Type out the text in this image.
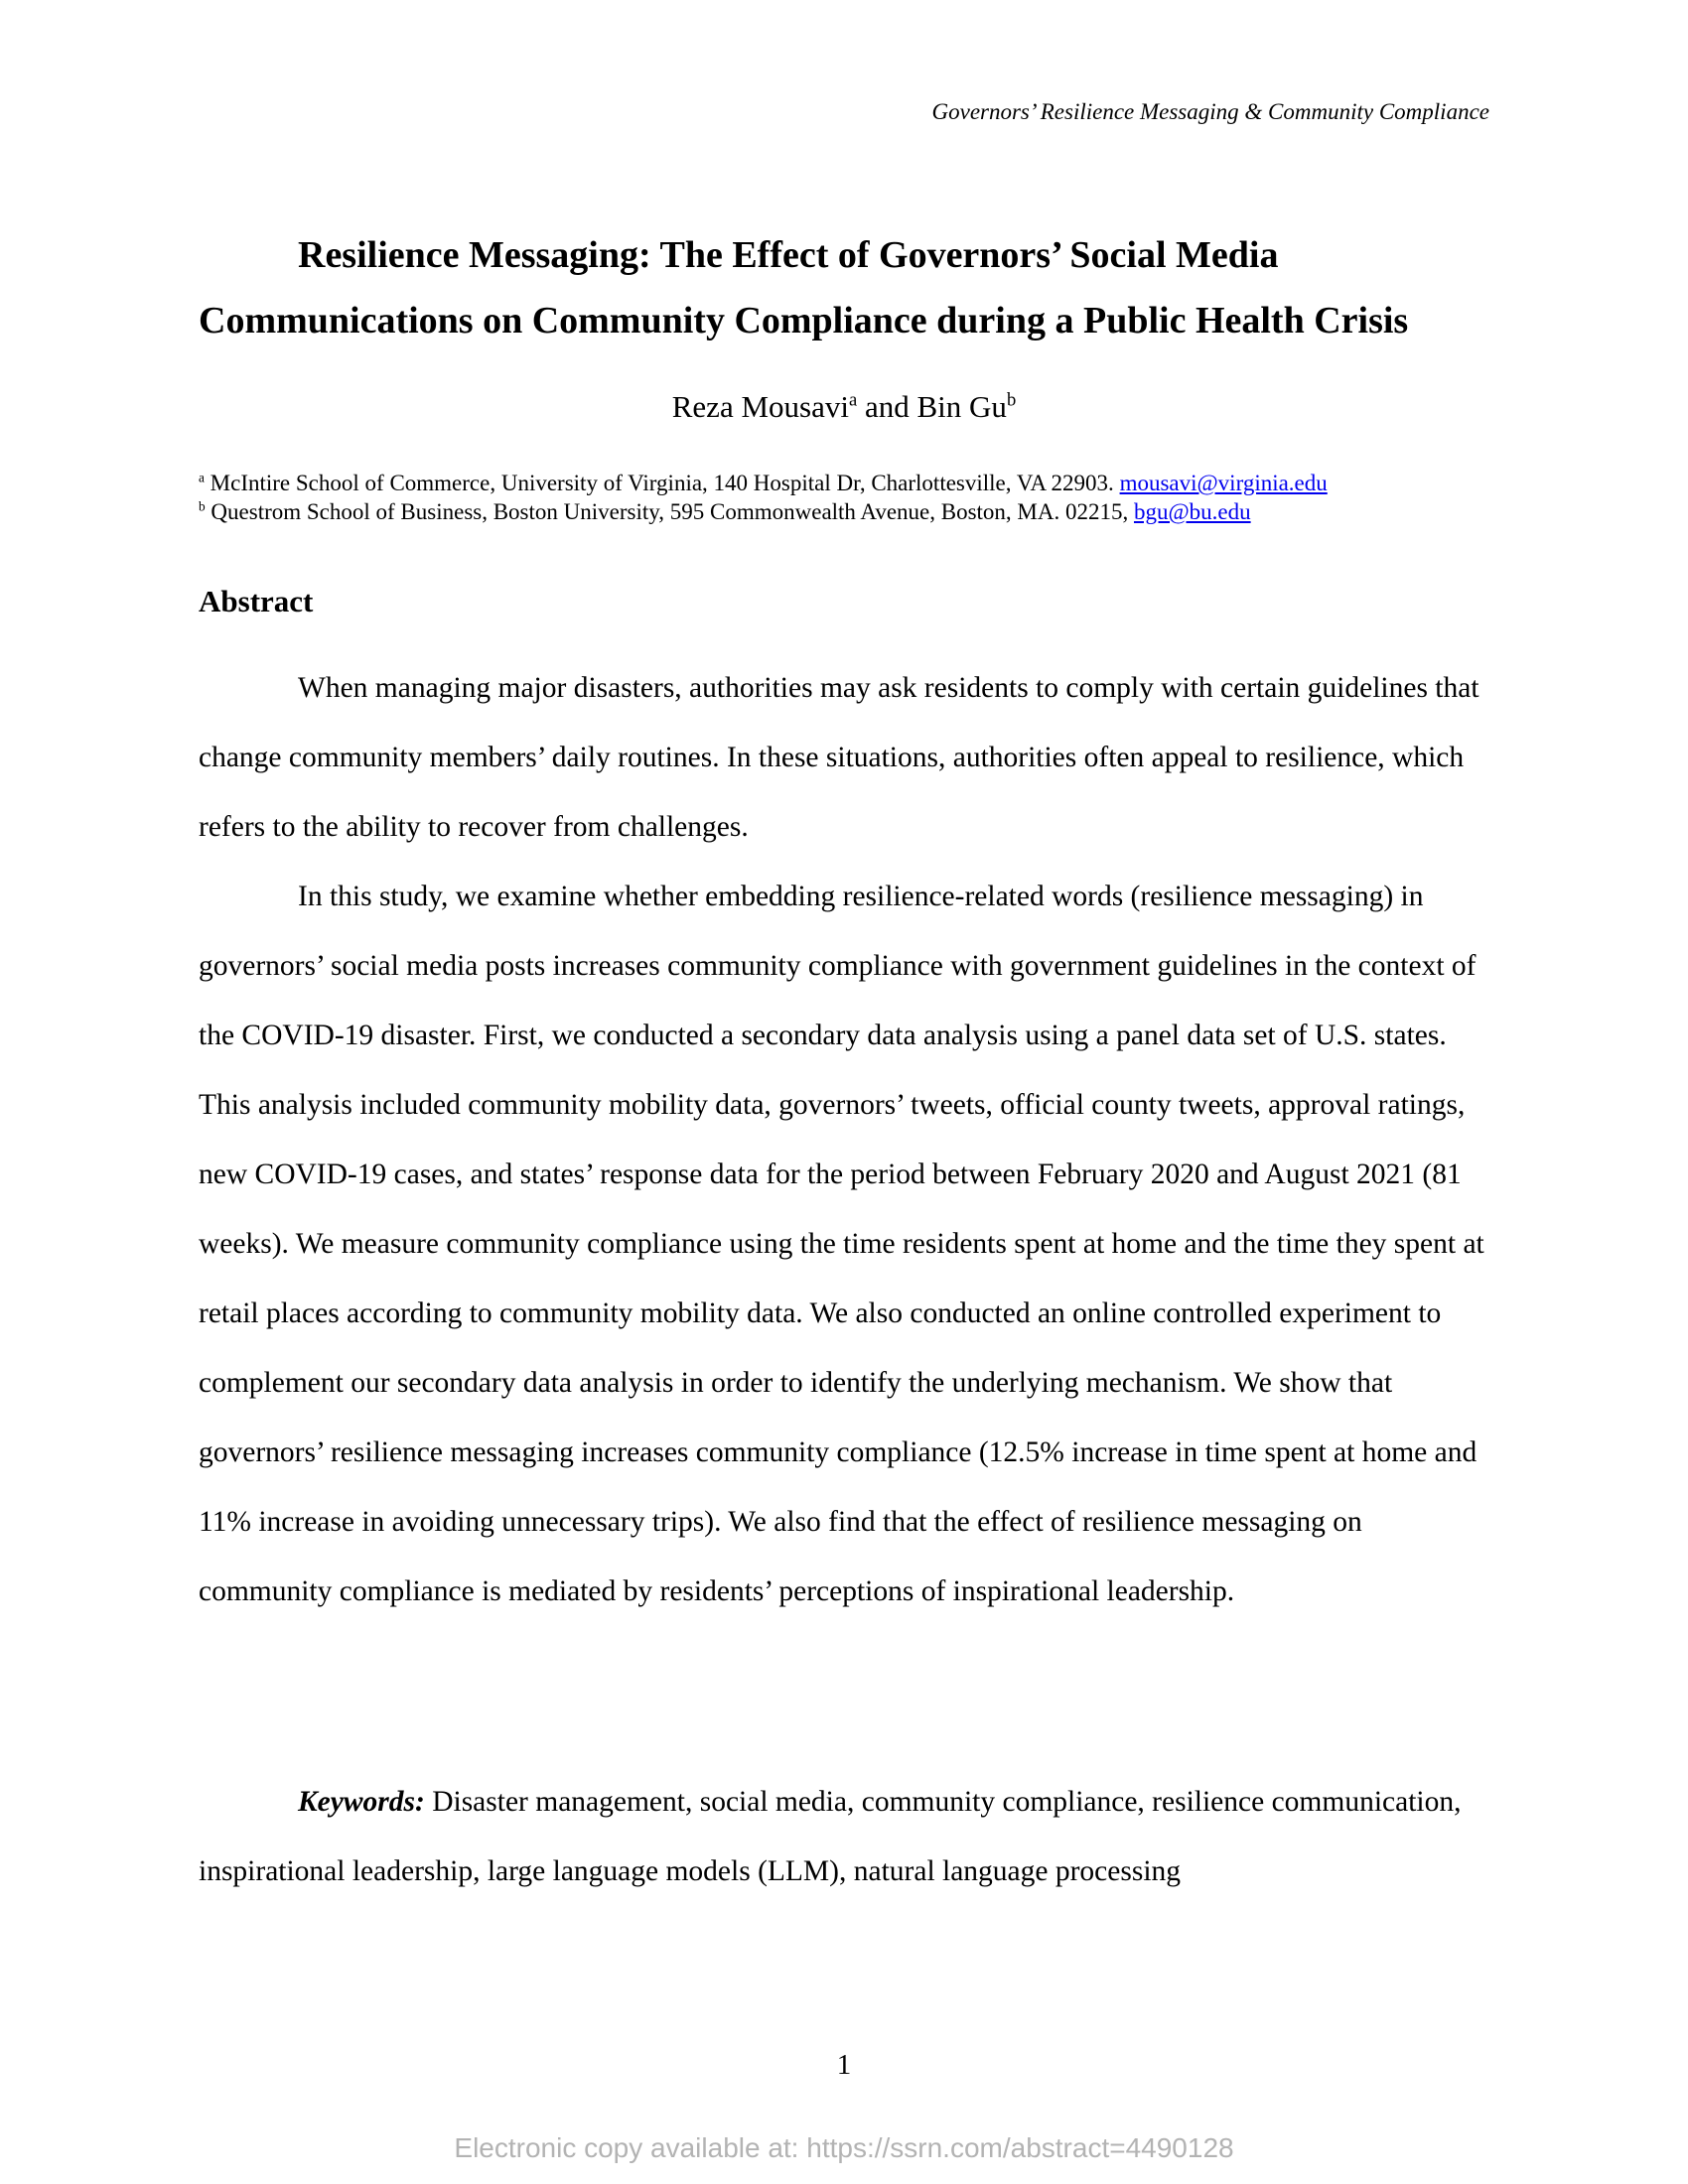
Governors’ Resilience Messaging & Community Compliance
Resilience Messaging: The Effect of Governors’ Social Media
Communications on Community Compliance during a Public Health Crisis
Reza Mousavi$^a$ and Bin Gu$^b$
$^a$ McIntire School of Commerce, University of Virginia, 140 Hospital Dr, Charlottesville, VA 22903. mousavi@virginia.edu
$^b$ Questrom School of Business, Boston University, 595 Commonwealth Avenue, Boston, MA. 02215, bgu@bu.edu
Abstract

When managing major disasters, authorities may ask residents to comply with certain guidelines that change community members’ daily routines. In these situations, authorities often appeal to resilience, which refers to the ability to recover from challenges.

In this study, we examine whether embedding resilience-related words (resilience messaging) in governors’ social media posts increases community compliance with government guidelines in the context of the COVID-19 disaster. First, we conducted a secondary data analysis using a panel data set of U.S. states. This analysis included community mobility data, governors’ tweets, official county tweets, approval ratings, new COVID-19 cases, and states’ response data for the period between February 2020 and August 2021 (81 weeks). We measure community compliance using the time residents spent at home and the time they spent at retail places according to community mobility data. We also conducted an online controlled experiment to complement our secondary data analysis in order to identify the underlying mechanism. We show that governors’ resilience messaging increases community compliance (12.5% increase in time spent at home and 11% increase in avoiding unnecessary trips). We also find that the effect of resilience messaging on community compliance is mediated by residents’ perceptions of inspirational leadership.

Keywords: Disaster management, social media, community compliance, resilience communication, inspirational leadership, large language models (LLM), natural language processing

1
Electronic copy available at: https://ssrn.com/abstract=4490128
